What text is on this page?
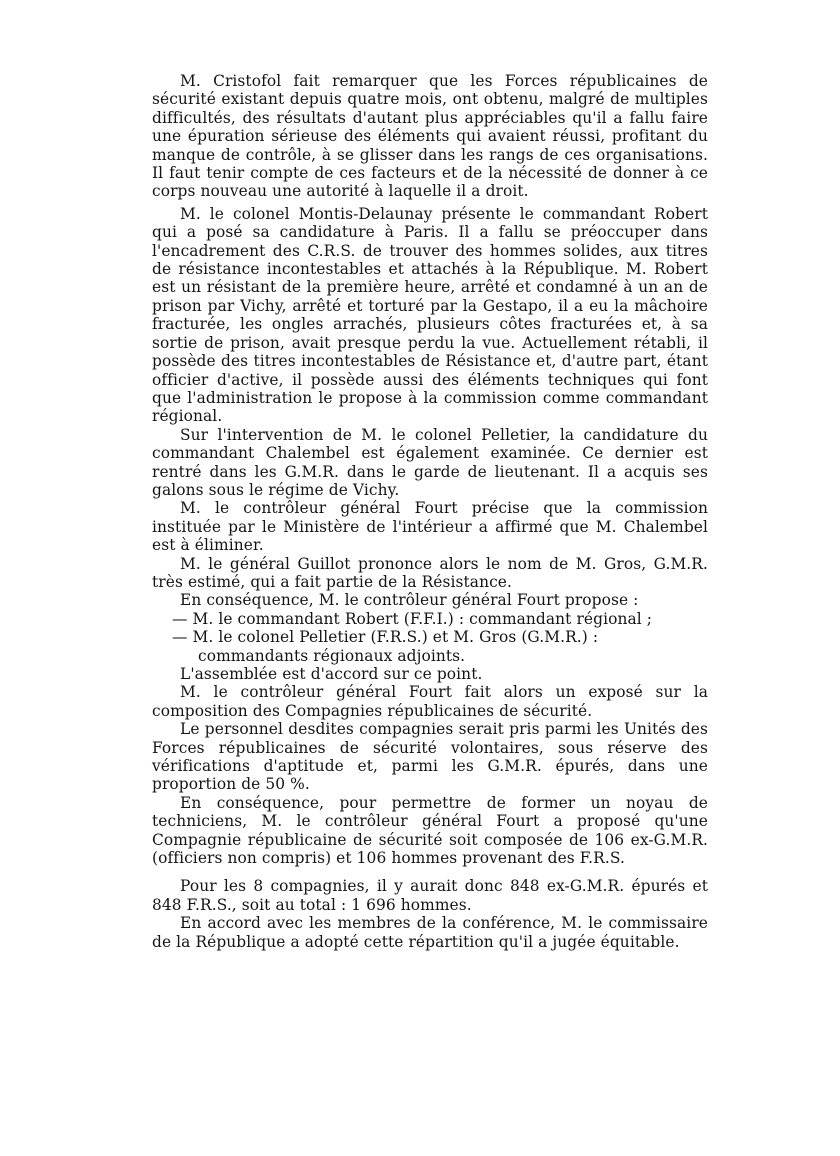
M. Cristofol fait remarquer que les Forces républicaines de sécurité existant depuis quatre mois, ont obtenu, malgré de multiples difficultés, des résultats d'autant plus appréciables qu'il a fallu faire une épuration sérieuse des éléments qui avaient réussi, profitant du manque de contrôle, à se glisser dans les rangs de ces organisations. Il faut tenir compte de ces facteurs et de la nécessité de donner à ce corps nouveau une autorité à laquelle il a droit.

M. le colonel Montis-Delaunay présente le commandant Robert qui a posé sa candidature à Paris. Il a fallu se préoccuper dans l'encadrement des C.R.S. de trouver des hommes solides, aux titres de résistance incontestables et attachés à la République. M. Robert est un résistant de la première heure, arrêté et condamné à un an de prison par Vichy, arrêté et torturé par la Gestapo, il a eu la mâchoire fracturée, les ongles arrachés, plusieurs côtes fracturées et, à sa sortie de prison, avait presque perdu la vue. Actuellement rétabli, il possède des titres incontestables de Résistance et, d'autre part, étant officier d'active, il possède aussi des éléments techniques qui font que l'administration le propose à la commission comme commandant régional.

Sur l'intervention de M. le colonel Pelletier, la candidature du commandant Chalembel est également examinée. Ce dernier est rentré dans les G.M.R. dans le garde de lieutenant. Il a acquis ses galons sous le régime de Vichy.

M. le contrôleur général Fourt précise que la commission instituée par le Ministère de l'intérieur a affirmé que M. Chalembel est à éliminer.

M. le général Guillot prononce alors le nom de M. Gros, G.M.R. très estimé, qui a fait partie de la Résistance.

En conséquence, M. le contrôleur général Fourt propose :

— M. le commandant Robert (F.F.I.) : commandant régional ;

— M. le colonel Pelletier (F.R.S.) et M. Gros (G.M.R.) :
commandants régionaux adjoints.

L'assemblée est d'accord sur ce point.

M. le contrôleur général Fourt fait alors un exposé sur la composition des Compagnies républicaines de sécurité.

Le personnel desdites compagnies serait pris parmi les Unités des Forces républicaines de sécurité volontaires, sous réserve des vérifications d'aptitude et, parmi les G.M.R. épurés, dans une proportion de 50 %.

En conséquence, pour permettre de former un noyau de techniciens, M. le contrôleur général Fourt a proposé qu'une Compagnie républicaine de sécurité soit composée de 106 ex-G.M.R. (officiers non compris) et 106 hommes provenant des F.R.S.

Pour les 8 compagnies, il y aurait donc 848 ex-G.M.R. épurés et 848 F.R.S., soit au total : 1 696 hommes.

En accord avec les membres de la conférence, M. le commissaire de la République a adopté cette répartition qu'il a jugée équitable.
